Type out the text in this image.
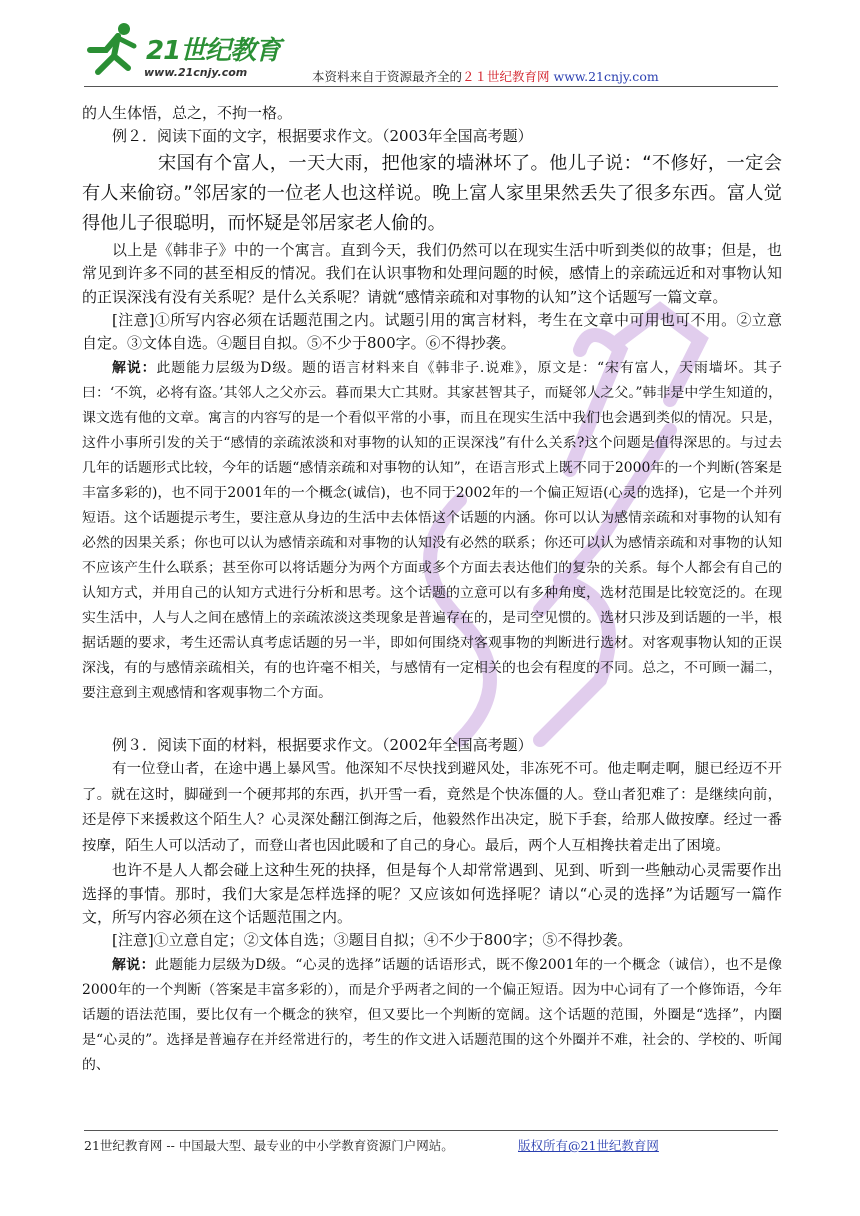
21世纪教育
www.21cnjy.com	本资料来自于资源最齐全的２１世纪教育网 www.21cnjy.com

的人生体悟，总之，不拘一格。

例２．阅读下面的文字，根据要求作文。（2003年全国高考题）

宋国有个富人，一天大雨，把他家的墙淋坏了。他儿子说：“不修好，一定会有人来偷窃。”邻居家的一位老人也这样说。晚上富人家里果然丢失了很多东西。富人觉得他儿子很聪明，而怀疑是邻居家老人偷的。

以上是《韩非子》中的一个寓言。直到今天，我们仍然可以在现实生活中听到类似的故事；但是，也常见到许多不同的甚至相反的情况。我们在认识事物和处理问题的时候，感情上的亲疏远近和对事物认知的正误深浅有没有关系呢？是什么关系呢？请就“感情亲疏和对事物的认知”这个话题写一篇文章。

[注意]①所写内容必须在话题范围之内。试题引用的寓言材料，考生在文章中可用也可不用。②立意自定。③文体自选。④题目自拟。⑤不少于800字。⑥不得抄袭。

解说：此题能力层级为D级。题的语言材料来自《韩非子.说难》，原文是：“宋有富人，天雨墙坏。其子曰：‘不筑，必将有盗。’其邻人之父亦云。暮而果大亡其财。其家甚智其子，而疑邻人之父。”韩非是中学生知道的，课文选有他的文章。寓言的内容写的是一个看似平常的小事，而且在现实生活中我们也会遇到类似的情况。只是，这件小事所引发的关于“感情的亲疏浓淡和对事物的认知的正误深浅”有什么关系?这个问题是值得深思的。与过去几年的话题形式比较，今年的话题“感情亲疏和对事物的认知”，在语言形式上既不同于2000年的一个判断(答案是丰富多彩的)，也不同于2001年的一个概念(诚信)，也不同于2002年的一个偏正短语(心灵的选择)，它是一个并列短语。这个话题提示考生，要注意从身边的生活中去体悟这个话题的内涵。你可以认为感情亲疏和对事物的认知有必然的因果关系；你也可以认为感情亲疏和对事物的认知没有必然的联系；你还可以认为感情亲疏和对事物的认知不应该产生什么联系；甚至你可以将话题分为两个方面或多个方面去表达他们的复杂的关系。每个人都会有自己的认知方式，并用自己的认知方式进行分析和思考。这个话题的立意可以有多种角度，选材范围是比较宽泛的。在现实生活中，人与人之间在感情上的亲疏浓淡这类现象是普遍存在的，是司空见惯的。选材只涉及到话题的一半，根据话题的要求，考生还需认真考虑话题的另一半，即如何围绕对客观事物的判断进行选材。对客观事物认知的正误深浅，有的与感情亲疏相关，有的也许毫不相关，与感情有一定相关的也会有程度的不同。总之，不可顾一漏二，要注意到主观感情和客观事物二个方面。

例３．阅读下面的材料，根据要求作文。（2002年全国高考题）

有一位登山者，在途中遇上暴风雪。他深知不尽快找到避风处，非冻死不可。他走啊走啊，腿已经迈不开了。就在这时，脚碰到一个硬邦邦的东西，扒开雪一看，竟然是个快冻僵的人。登山者犯难了：是继续向前，还是停下来援救这个陌生人？心灵深处翻江倒海之后，他毅然作出决定，脱下手套，给那人做按摩。经过一番按摩，陌生人可以活动了，而登山者也因此暖和了自己的身心。最后，两个人互相搀扶着走出了困境。

也许不是人人都会碰上这种生死的抉择，但是每个人却常常遇到、见到、听到一些触动心灵需要作出选择的事情。那时，我们大家是怎样选择的呢？又应该如何选择呢？请以“心灵的选择”为话题写一篇作文，所写内容必须在这个话题范围之内。

[注意]①立意自定；②文体自选；③题目自拟；④不少于800字；⑤不得抄袭。

解说：此题能力层级为D级。“心灵的选择”话题的话语形式，既不像2001年的一个概念（诚信），也不是像2000年的一个判断（答案是丰富多彩的），而是介乎两者之间的一个偏正短语。因为中心词有了一个修饰语，今年话题的语法范围，要比仅有一个概念的狭窄，但又要比一个判断的宽阔。这个话题的范围，外圈是“选择”，内圈是“心灵的”。选择是普遍存在并经常进行的，考生的作文进入话题范围的这个外圈并不难，社会的、学校的、听闻的、

21世纪教育网 -- 中国最大型、最专业的中小学教育资源门户网站。	版权所有@21世纪教育网
